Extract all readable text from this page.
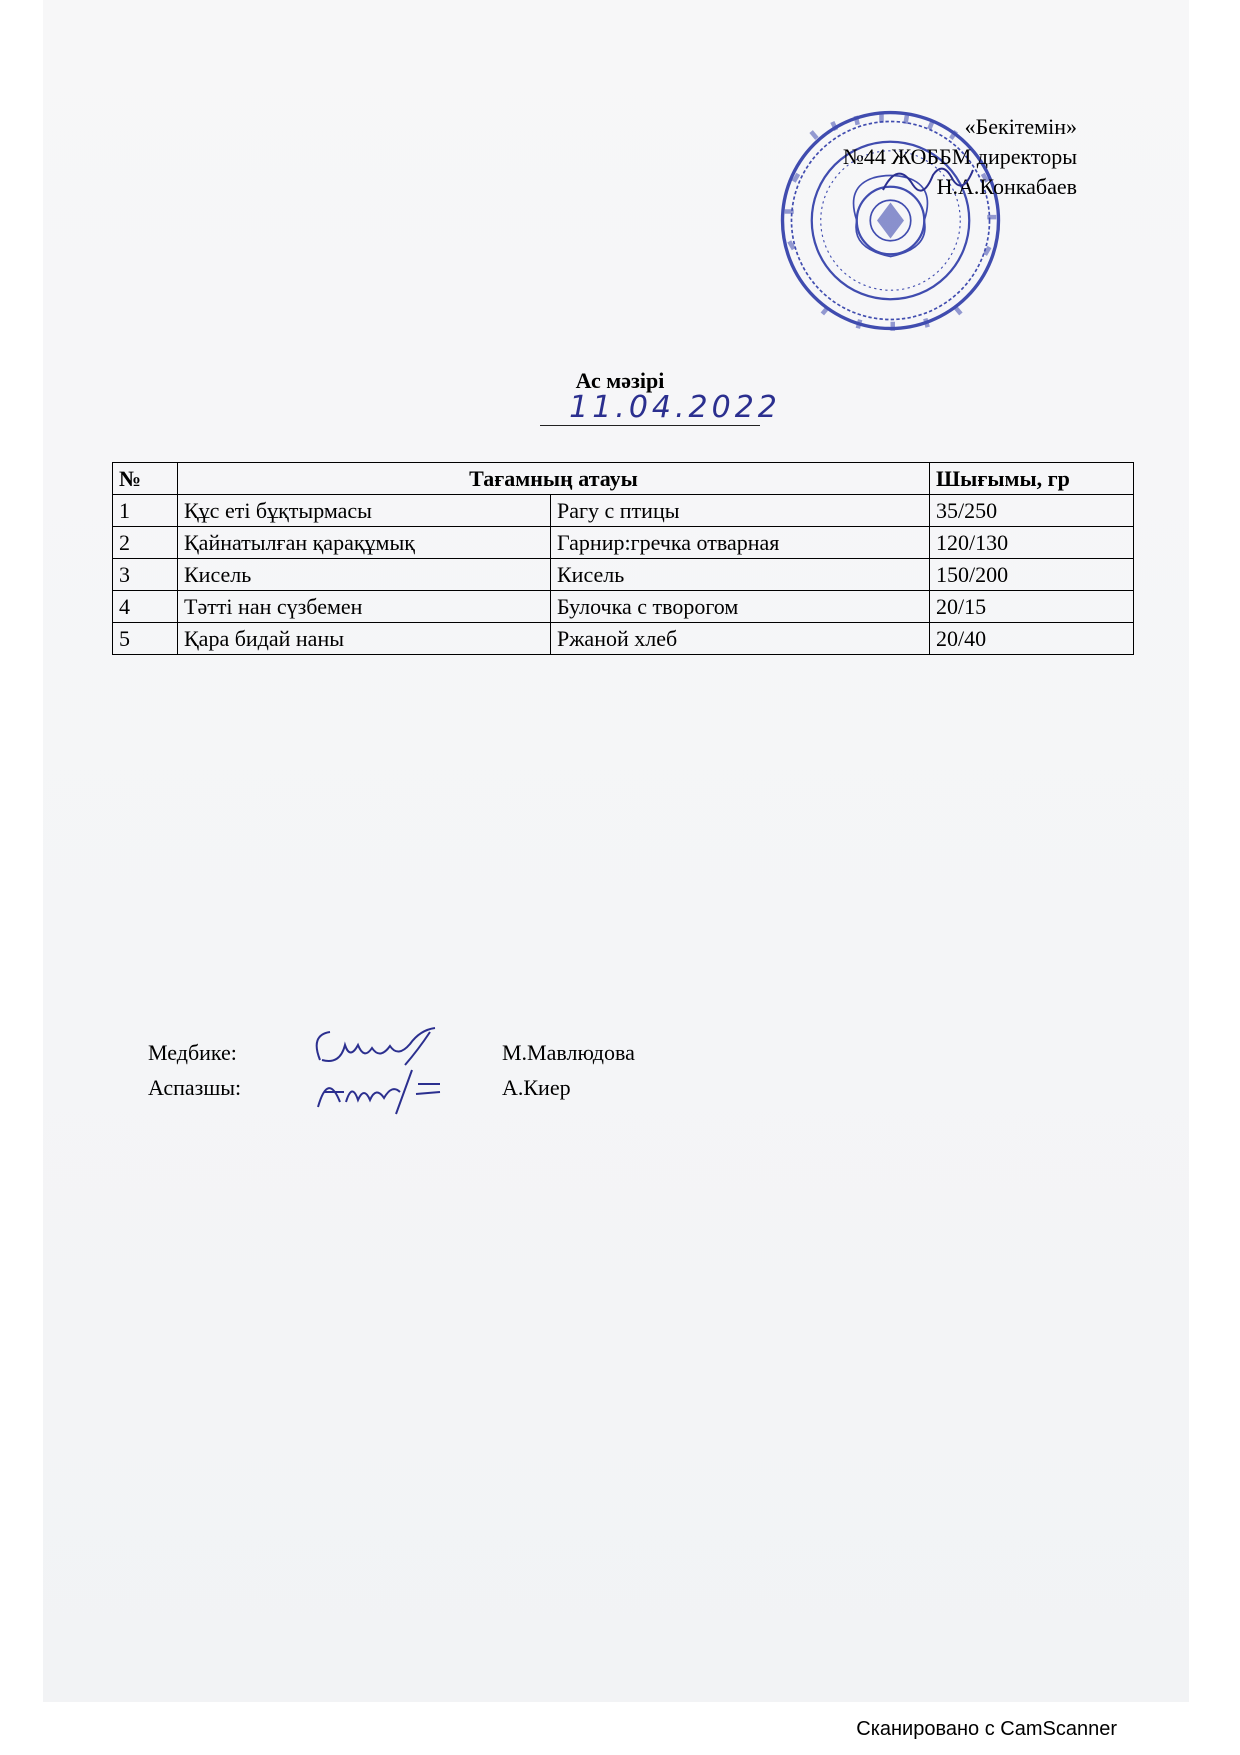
«Бекітемін»
№44 ЖОББМ директоры
Н.А.Конкабаев
Ас мәзірі
11.04.2022
№	Тағамның атауы		Шығымы, гр
1	Құс еті бұқтырмасы	Рагу с птицы	35/250
2	Қайнатылған қарақұмық	Гарнир:гречка отварная	120/130
3	Кисель	Кисель	150/200
4	Тәтті нан сүзбемен	Булочка с творогом	20/15
5	Қара бидай наны	Ржаной хлеб	20/40
Медбике:	М.Мавлюдова
Аспазшы:	А.Киер
Сканировано с CamScanner
